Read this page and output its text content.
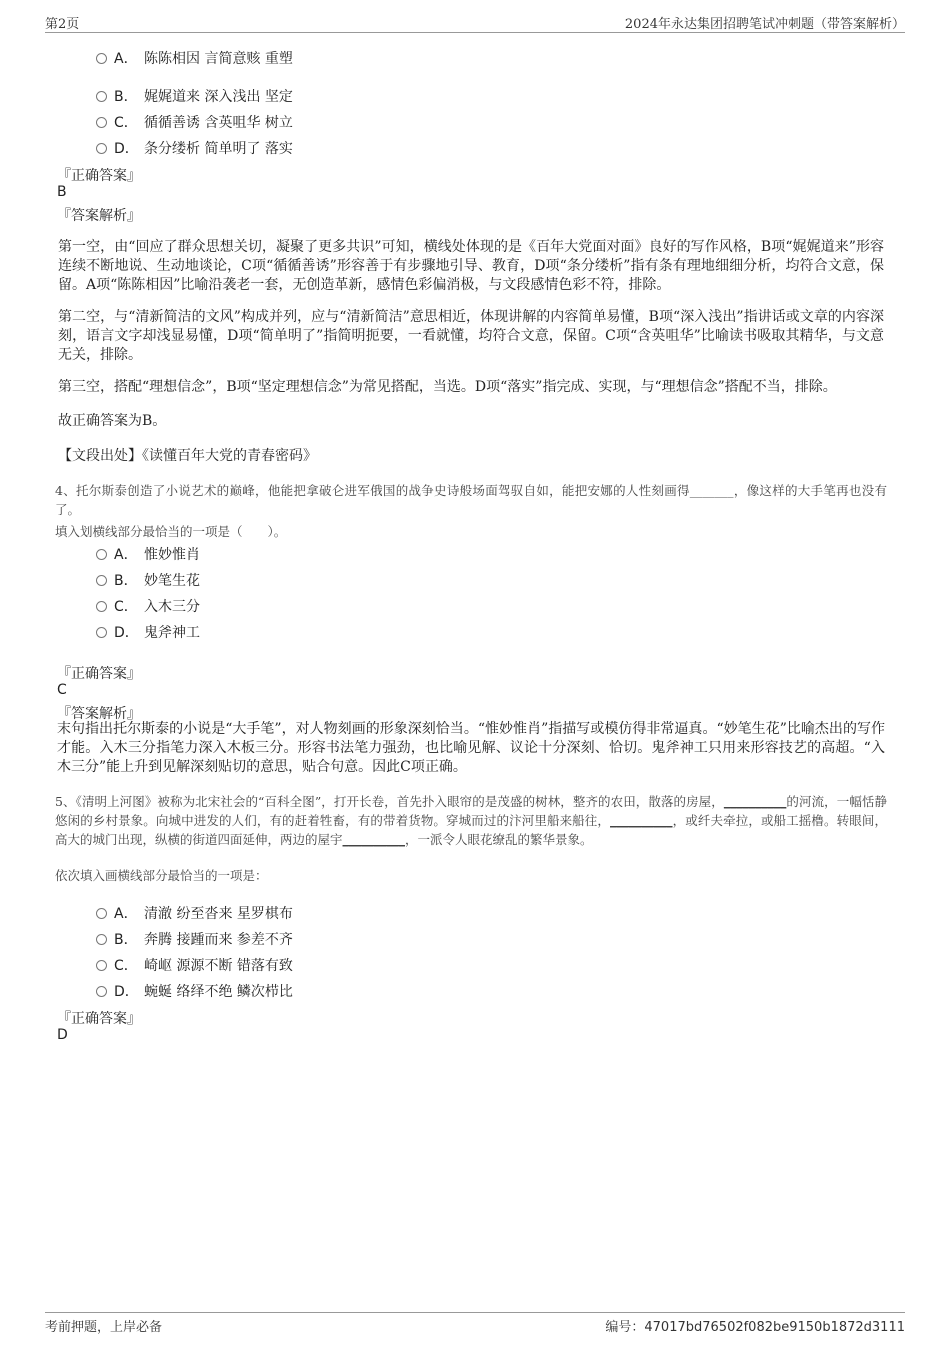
第2页	2024年永达集团招聘笔试冲刺题（带答案解析）
A． 陈陈相因 言简意赅 重塑
B． 娓娓道来 深入浅出 坚定
C． 循循善诱 含英咀华 树立
D． 条分缕析 简单明了 落实
『正确答案』
B
『答案解析』
第一空，由“回应了群众思想关切，凝聚了更多共识”可知，横线处体现的是《百年大党面对面》良好的写作风格，B项“娓娓道来”形容连续不断地说、生动地谈论，C项“循循善诱”形容善于有步骤地引导、教育，D项“条分缕析”指有条有理地细细分析，均符合文意，保留。A项“陈陈相因”比喻沿袭老一套，无创造革新，感情色彩偏消极，与文段感情色彩不符，排除。
第二空，与“清新简洁的文风”构成并列，应与“清新简洁”意思相近，体现讲解的内容简单易懂，B项“深入浅出”指讲话或文章的内容深刻，语言文字却浅显易懂，D项“简单明了”指简明扼要，一看就懂，均符合文意，保留。C项“含英咀华”比喻读书吸取其精华，与文意无关，排除。
第三空，搭配“理想信念”，B项“坚定理想信念”为常见搭配，当选。D项“落实”指完成、实现，与“理想信念”搭配不当，排除。
故正确答案为B。
【文段出处】《读懂百年大党的青春密码》
4、托尔斯泰创造了小说艺术的巅峰，他能把拿破仑进军俄国的战争史诗般场面驾驭自如，能把安娜的人性刻画得_______，像这样的大手笔再也没有了。
填入划横线部分最恰当的一项是（　　）。
A． 惟妙惟肖
B． 妙笔生花
C． 入木三分
D． 鬼斧神工
『正确答案』
C
『答案解析』
末句指出托尔斯泰的小说是“大手笔”，对人物刻画的形象深刻恰当。“惟妙惟肖”指描写或模仿得非常逼真。“妙笔生花”比喻杰出的写作才能。入木三分指笔力深入木板三分。形容书法笔力强劲，也比喻见解、议论十分深刻、恰切。鬼斧神工只用来形容技艺的高超。“入木三分”能上升到见解深刻贴切的意思，贴合句意。因此C项正确。
5、《清明上河图》被称为北宋社会的“百科全图”，打开长卷，首先扑入眼帘的是茂盛的树林，整齐的农田，散落的房屋，__________的河流，一幅恬静悠闲的乡村景象。向城中进发的人们，有的赶着牲畜，有的带着货物。穿城而过的汴河里船来船往，__________，或纤夫牵拉，或船工摇橹。转眼间，高大的城门出现，纵横的街道四面延伸，两边的屋宇__________，一派令人眼花缭乱的繁华景象。
依次填入画横线部分最恰当的一项是：
A． 清澈 纷至沓来 星罗棋布
B． 奔腾 接踵而来 参差不齐
C． 崎岖 源源不断 错落有致
D． 蜿蜒 络绎不绝 鳞次栉比
『正确答案』
D
考前押题，上岸必备	编号：47017bd76502f082be9150b1872d3111
